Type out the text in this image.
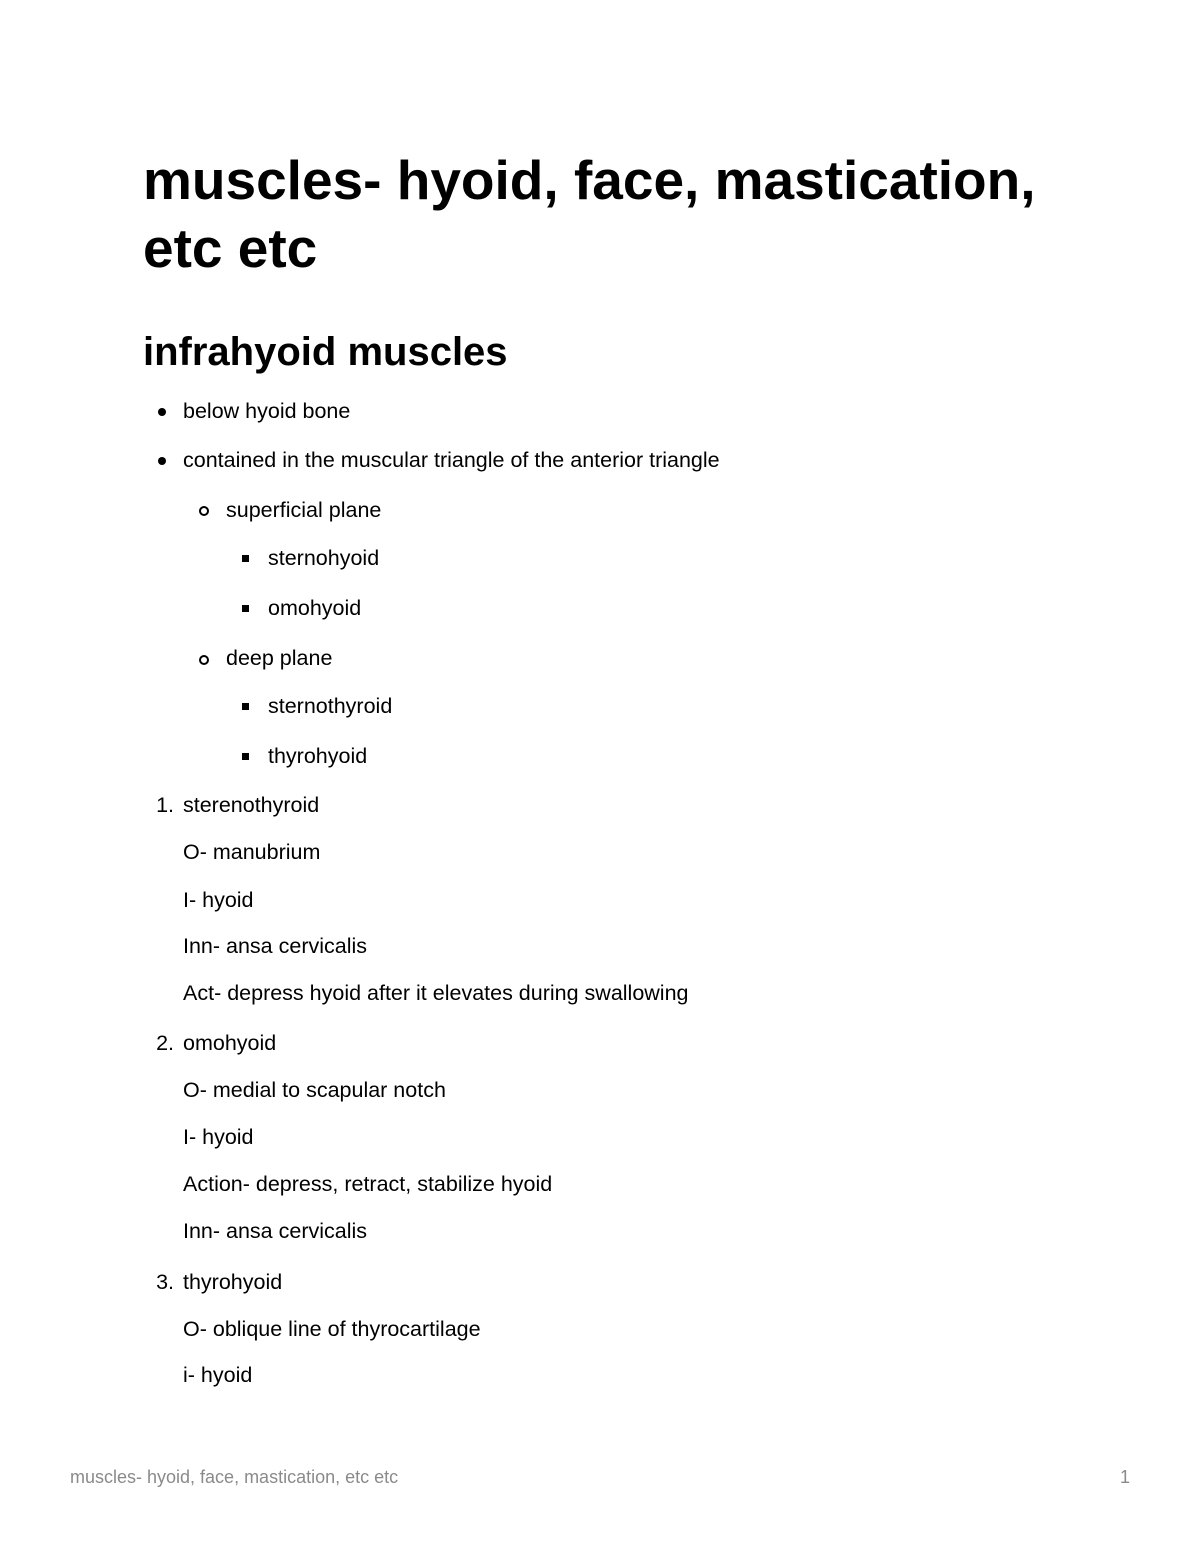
muscles- hyoid, face, mastication, etc etc
infrahyoid muscles
below hyoid bone
contained in the muscular triangle of the anterior triangle
superficial plane
sternohyoid
omohyoid
deep plane
sternothyroid
thyrohyoid
1. sterenothyroid
O- manubrium
I- hyoid
Inn- ansa cervicalis
Act- depress hyoid after it elevates during swallowing
2. omohyoid
O- medial to scapular notch
I- hyoid
Action- depress, retract, stabilize hyoid
Inn- ansa cervicalis
3. thyrohyoid
O- oblique line of thyrocartilage
i- hyoid
muscles- hyoid, face, mastication, etc etc	1
